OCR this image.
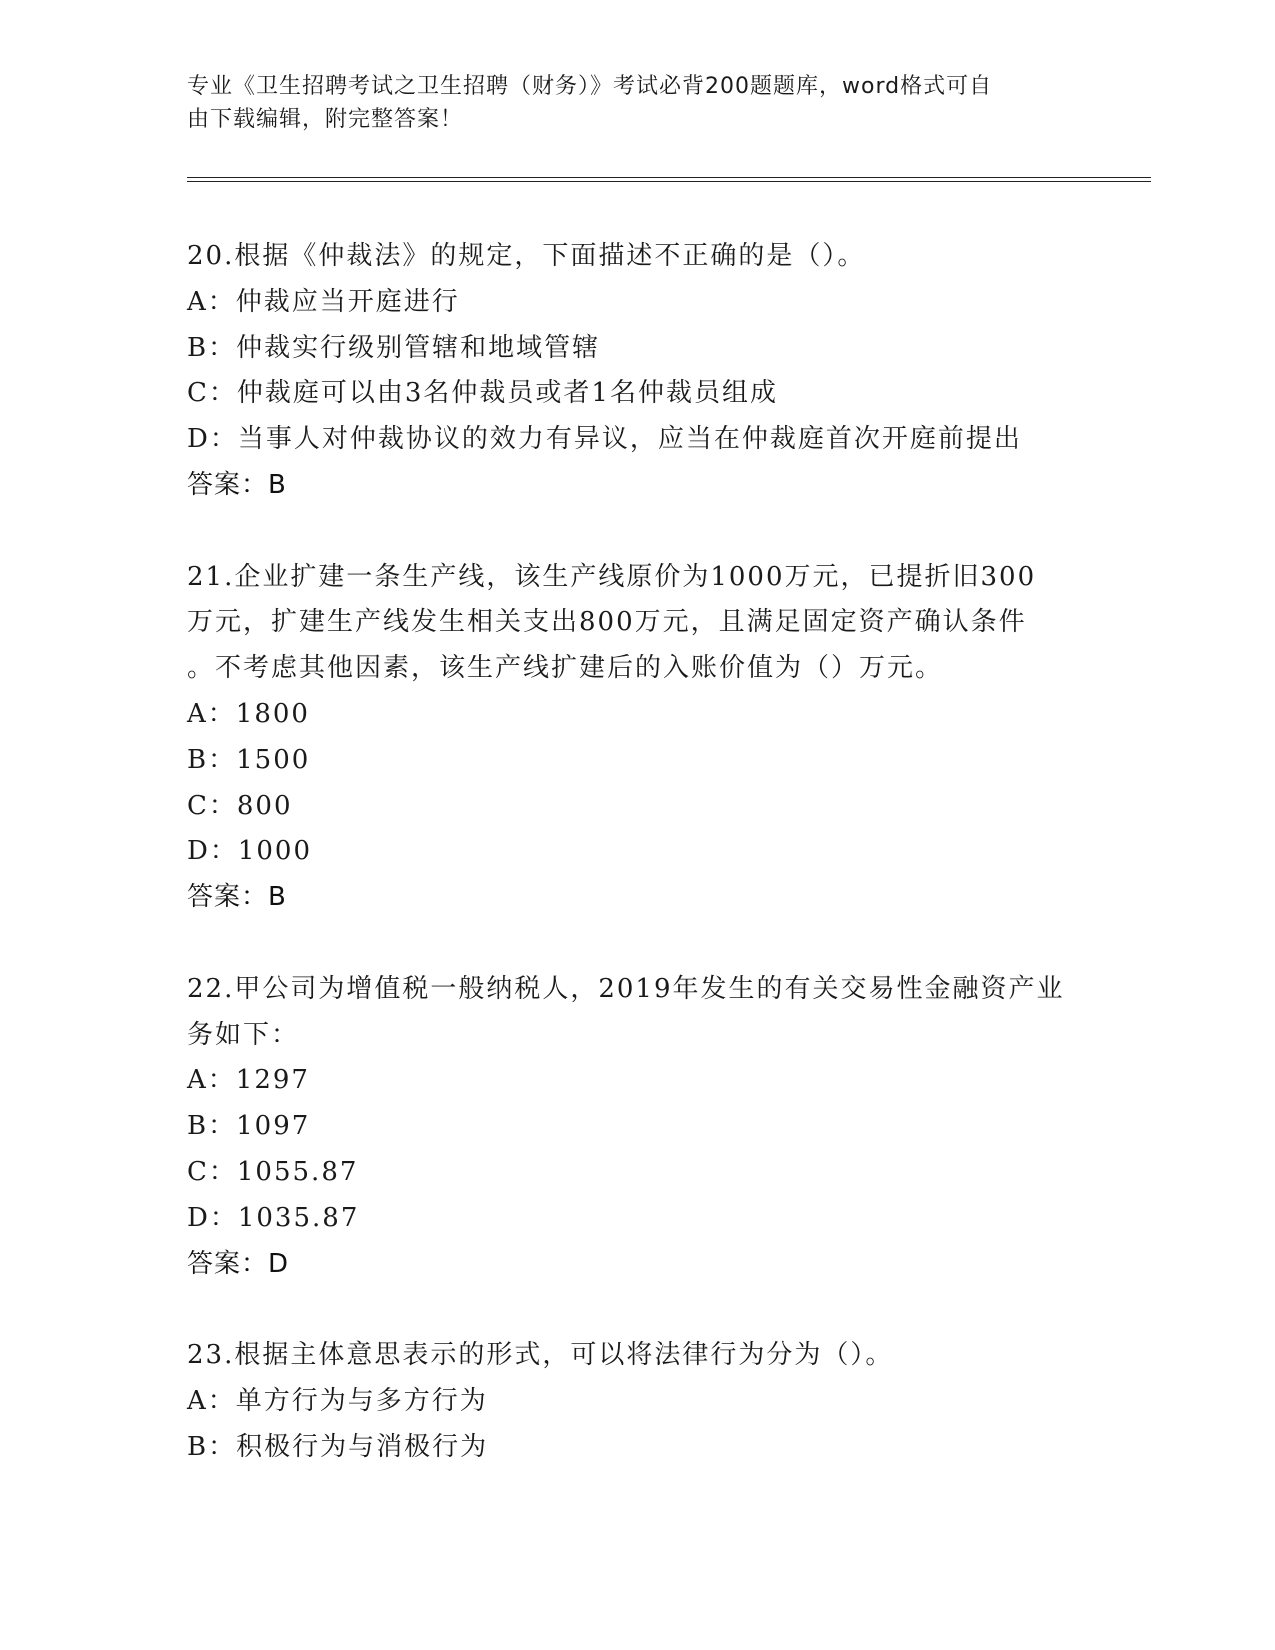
专业《卫生招聘考试之卫生招聘（财务）》考试必背200题题库，word格式可自
由下载编辑，附完整答案！
20.根据《仲裁法》的规定，下面描述不正确的是（）。
A：仲裁应当开庭进行
B：仲裁实行级别管辖和地域管辖
C：仲裁庭可以由3名仲裁员或者1名仲裁员组成
D：当事人对仲裁协议的效力有异议，应当在仲裁庭首次开庭前提出
答案：B
21.企业扩建一条生产线，该生产线原价为1000万元，已提折旧300
万元，扩建生产线发生相关支出800万元，且满足固定资产确认条件
。不考虑其他因素，该生产线扩建后的入账价值为（）万元。
A：1800
B：1500
C：800
D：1000
答案：B
22.甲公司为增值税一般纳税人，2019年发生的有关交易性金融资产业
务如下：
A：1297
B：1097
C：1055.87
D：1035.87
答案：D
23.根据主体意思表示的形式，可以将法律行为分为（）。
A：单方行为与多方行为
B：积极行为与消极行为
